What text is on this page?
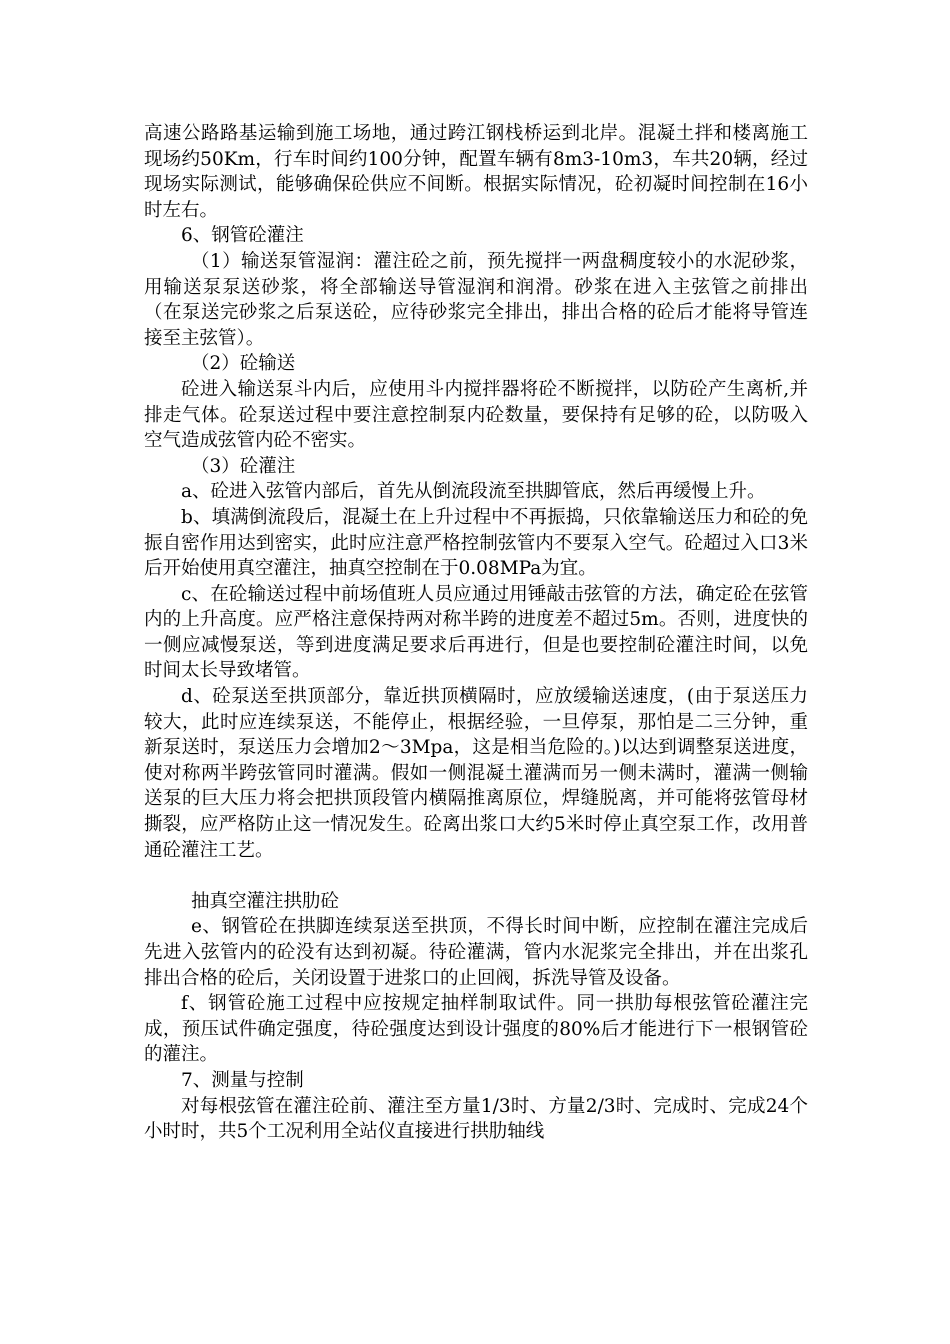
高速公路路基运输到施工场地，通过跨江钢栈桥运到北岸。混凝土拌和楼离施工现场约50Km，行车时间约100分钟，配置车辆有8m3-10m3，车共20辆，经过现场实际测试，能够确保砼供应不间断。根据实际情况，砼初凝时间控制在16小时左右。

6、钢管砼灌注

（1）输送泵管湿润：灌注砼之前，预先搅拌一两盘稠度较小的水泥砂浆，用输送泵泵送砂浆，将全部输送导管湿润和润滑。砂浆在进入主弦管之前排出（在泵送完砂浆之后泵送砼，应待砂浆完全排出，排出合格的砼后才能将导管连接至主弦管）。

（2）砼输送

砼进入输送泵斗内后，应使用斗内搅拌器将砼不断搅拌，以防砼产生离析,并排走气体。砼泵送过程中要注意控制泵内砼数量，要保持有足够的砼，以防吸入空气造成弦管内砼不密实。

（3）砼灌注

a、砼进入弦管内部后，首先从倒流段流至拱脚管底，然后再缓慢上升。

b、填满倒流段后，混凝土在上升过程中不再振捣，只依靠输送压力和砼的免振自密作用达到密实，此时应注意严格控制弦管内不要泵入空气。砼超过入口3米后开始使用真空灌注，抽真空控制在于0.08MPa为宜。

c、在砼输送过程中前场值班人员应通过用锤敲击弦管的方法，确定砼在弦管内的上升高度。应严格注意保持两对称半跨的进度差不超过5m。否则，进度快的一侧应减慢泵送，等到进度满足要求后再进行，但是也要控制砼灌注时间，以免时间太长导致堵管。

d、砼泵送至拱顶部分，靠近拱顶横隔时，应放缓输送速度，(由于泵送压力较大，此时应连续泵送，不能停止，根据经验，一旦停泵，那怕是二三分钟，重新泵送时，泵送压力会增加2～3Mpa，这是相当危险的。)以达到调整泵送进度，使对称两半跨弦管同时灌满。假如一侧混凝土灌满而另一侧未满时，灌满一侧输送泵的巨大压力将会把拱顶段管内横隔推离原位，焊缝脱离，并可能将弦管母材撕裂，应严格防止这一情况发生。砼离出浆口大约5米时停止真空泵工作，改用普通砼灌注工艺。

抽真空灌注拱肋砼

e、钢管砼在拱脚连续泵送至拱顶，不得长时间中断，应控制在灌注完成后先进入弦管内的砼没有达到初凝。待砼灌满，管内水泥浆完全排出，并在出浆孔排出合格的砼后，关闭设置于进浆口的止回阀，拆洗导管及设备。

f、钢管砼施工过程中应按规定抽样制取试件。同一拱肋每根弦管砼灌注完成，预压试件确定强度，待砼强度达到设计强度的80%后才能进行下一根钢管砼的灌注。

7、测量与控制

对每根弦管在灌注砼前、灌注至方量1/3时、方量2/3时、完成时、完成24个小时时，共5个工况利用全站仪直接进行拱肋轴线
